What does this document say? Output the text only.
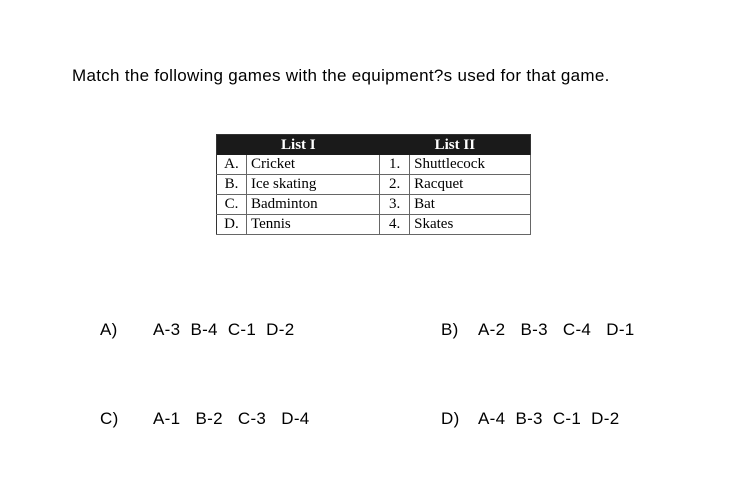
Match the following games with the equipment?s used for that game.

List I		List II	
A.	Cricket	1.	Shuttlecock
B.	Ice skating	2.	Racquet
C.	Badminton	3.	Bat
D.	Tennis	4.	Skates

A) A-3  B-4  C-1  D-2	B) A-2   B-3   C-4   D-1

C) A-1   B-2   C-3   D-4	D) A-4  B-3  C-1  D-2
